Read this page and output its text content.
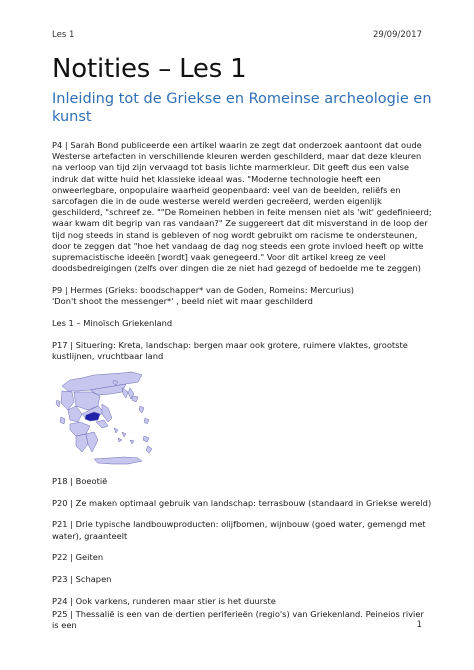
Les 1	29/09/2017
Notities – Les 1
Inleiding tot de Griekse en Romeinse archeologie en kunst

P4 | Sarah Bond publiceerde een artikel waarin ze zegt dat onderzoek aantoont dat oude Westerse artefacten in verschillende kleuren werden geschilderd, maar dat deze kleuren na verloop van tijd zijn vervaagd tot basis lichte marmerkleur. Dit geeft dus een valse indruk dat witte huid het klassieke ideaal was. "Moderne technologie heeft een onweerlegbare, onpopulaire waarheid geopenbaard: veel van de beelden, reliëfs en sarcofagen die in de oude westerse wereld werden gecreëerd, werden eigenlijk geschilderd, "schreef ze. ""De Romeinen hebben in feite mensen niet als 'wit' gedefinieerd; waar kwam dit begrip van ras vandaan?" Ze suggereert dat dit misverstand in de loop der tijd nog steeds in stand is gebleven of nog wordt gebruikt om racisme te ondersteunen, door te zeggen dat "hoe het vandaag de dag nog steeds een grote invloed heeft op witte supremacistische ideeën [wordt] vaak genegeerd." Voor dit artikel kreeg ze veel doodsbedreigingen (zelfs over dingen die ze niet had gezegd of bedoelde me te zeggen)

P9 | Hermes (Grieks: boodschapper* van de Goden, Romeins: Mercurius)

'Don't shoot the messenger*' , beeld niet wit maar geschilderd

Les 1 – Minoïsch Griekenland

P17 | Situering: Kreta, landschap: bergen maar ook grotere, ruimere vlaktes, grootste kustlijnen, vruchtbaar land

P18 | Boeotië

P20 | Ze maken optimaal gebruik van landschap: terrasbouw (standaard in Griekse wereld)

P21 | Drie typische landbouwproducten: olijfbomen, wijnbouw (goed water, gemengd met water), graanteelt

P22 | Geiten

P23 | Schapen

P24 | Ook varkens, runderen maar stier is het duurste

P25 | Thessalië is een van de dertien periferieën (regio's) van Griekenland. Peineios rivier is een	1
